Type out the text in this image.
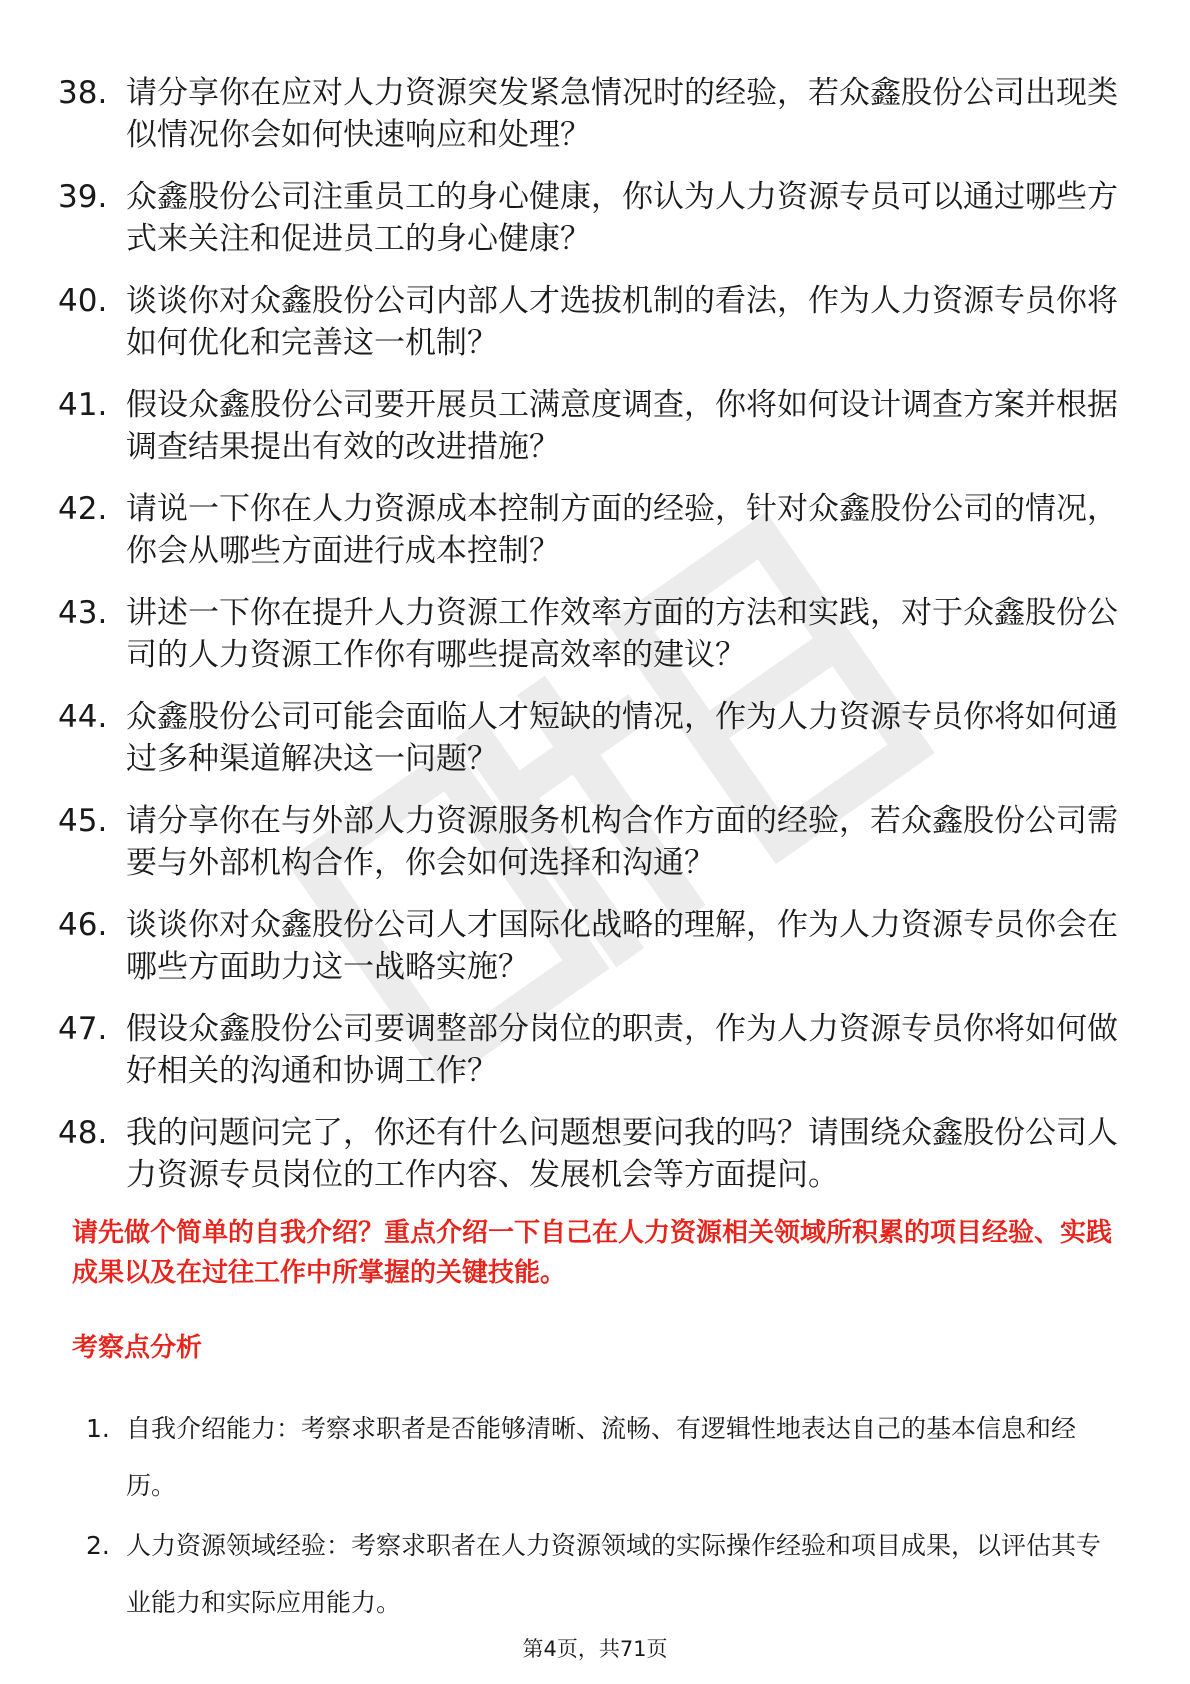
38. 请分享你在应对人力资源突发紧急情况时的经验，若众鑫股份公司出现类似情况你会如何快速响应和处理？
39. 众鑫股份公司注重员工的身心健康，你认为人力资源专员可以通过哪些方式来关注和促进员工的身心健康？
40. 谈谈你对众鑫股份公司内部人才选拔机制的看法，作为人力资源专员你将如何优化和完善这一机制？
41. 假设众鑫股份公司要开展员工满意度调查，你将如何设计调查方案并根据调查结果提出有效的改进措施？
42. 请说一下你在人力资源成本控制方面的经验，针对众鑫股份公司的情况，你会从哪些方面进行成本控制？
43. 讲述一下你在提升人力资源工作效率方面的方法和实践，对于众鑫股份公司的人力资源工作你有哪些提高效率的建议？
44. 众鑫股份公司可能会面临人才短缺的情况，作为人力资源专员你将如何通过多种渠道解决这一问题？
45. 请分享你在与外部人力资源服务机构合作方面的经验，若众鑫股份公司需要与外部机构合作，你会如何选择和沟通？
46. 谈谈你对众鑫股份公司人才国际化战略的理解，作为人力资源专员你会在哪些方面助力这一战略实施？
47. 假设众鑫股份公司要调整部分岗位的职责，作为人力资源专员你将如何做好相关的沟通和协调工作？
48. 我的问题问完了，你还有什么问题想要问我的吗？请围绕众鑫股份公司人力资源专员岗位的工作内容、发展机会等方面提问。

请先做个简单的自我介绍？重点介绍一下自己在人力资源相关领域所积累的项目经验、实践成果以及在过往工作中所掌握的关键技能。

考察点分析
1. 自我介绍能力：考察求职者是否能够清晰、流畅、有逻辑性地表达自己的基本信息和经历。
2. 人力资源领域经验：考察求职者在人力资源领域的实际操作经验和项目成果，以评估其专业能力和实际应用能力。
第4页，共71页
